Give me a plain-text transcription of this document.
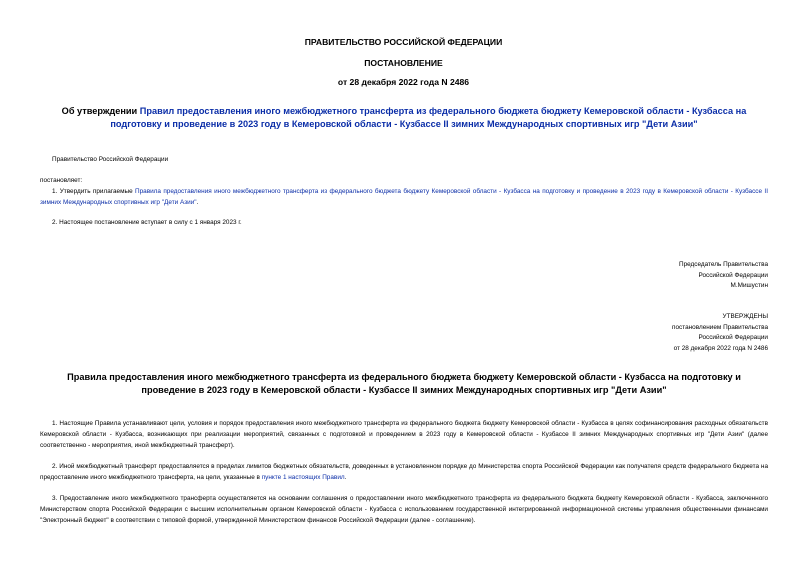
ПРАВИТЕЛЬСТВО РОССИЙСКОЙ ФЕДЕРАЦИИ
ПОСТАНОВЛЕНИЕ
от 28 декабря 2022 года N 2486
Об утверждении Правил предоставления иного межбюджетного трансферта из федерального бюджета бюджету Кемеровской области - Кузбасса на подготовку и проведение в 2023 году в Кемеровской области - Кузбассе II зимних Международных спортивных игр "Дети Азии"
Правительство Российской Федерации
постановляет:
1. Утвердить прилагаемые Правила предоставления иного межбюджетного трансферта из федерального бюджета бюджету Кемеровской области - Кузбасса на подготовку и проведение в 2023 году в Кемеровской области - Кузбассе II зимних Международных спортивных игр "Дети Азии".
2. Настоящее постановление вступает в силу с 1 января 2023 г.

Председатель Правительства

Российской Федерации

М.Мишустин

УТВЕРЖДЕНЫ

постановлением Правительства

Российской Федерации

от 28 декабря 2022 года N 2486

Правила предоставления иного межбюджетного трансферта из федерального бюджета бюджету Кемеровской области - Кузбасса на подготовку и проведение в 2023 году в Кемеровской области - Кузбассе II зимних Международных спортивных игр "Дети Азии"
1. Настоящие Правила устанавливают цели, условия и порядок предоставления иного межбюджетного трансферта из федерального бюджета бюджету Кемеровской области - Кузбасса в целях софинансирования расходных обязательств Кемеровской области - Кузбасса, возникающих при реализации мероприятий, связанных с подготовкой и проведением в 2023 году в Кемеровской области - Кузбассе II зимних Международных спортивных игр "Дети Азии" (далее соответственно - мероприятия, иной межбюджетный трансферт).
2. Иной межбюджетный трансферт предоставляется в пределах лимитов бюджетных обязательств, доведенных в установленном порядке до Министерства спорта Российской Федерации как получателя средств федерального бюджета на предоставление иного межбюджетного трансферта, на цели, указанные в пункте 1 настоящих Правил.
3. Предоставление иного межбюджетного трансферта осуществляется на основании соглашения о предоставлении иного межбюджетного трансферта из федерального бюджета бюджету Кемеровской области - Кузбасса, заключенного Министерством спорта Российской Федерации с высшим исполнительным органом Кемеровской области - Кузбасса с использованием государственной интегрированной информационной системы управления общественными финансами "Электронный бюджет" в соответствии с типовой формой, утвержденной Министерством финансов Российской Федерации (далее - соглашение).
